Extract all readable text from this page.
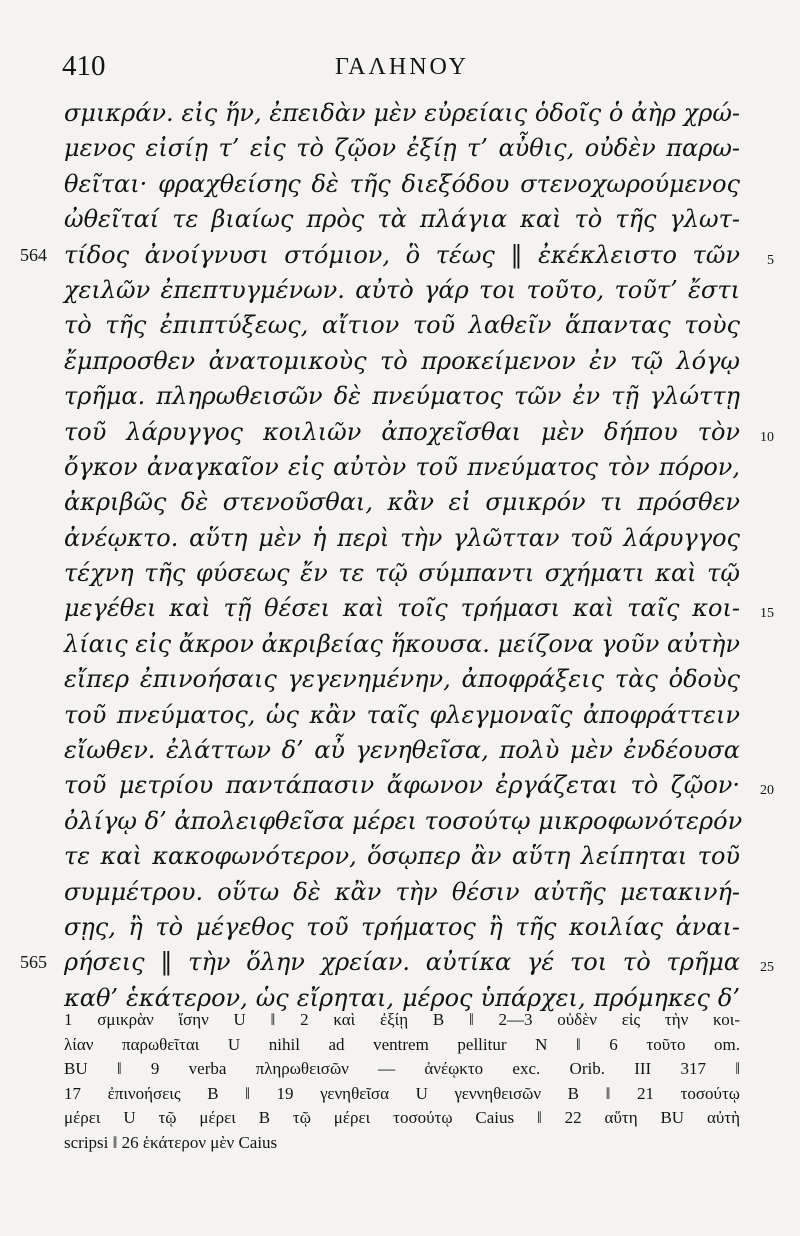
410	ΓΑΛΗΝΟΥ
σμικράν. εἰς ἥν, ἐπειδὰν μὲν εὐρείαις ὁδοῖς ὁ ἀὴρ χρώ-
μενος εἰσίῃ τ’ εἰς τὸ ζῷον ἐξίῃ τ’ αὖθις, οὐδὲν παρω-
θεῖται· φραχθείσης δὲ τῆς διεξόδου στενοχωρούμενος
ὠθεῖταί τε βιαίως πρὸς τὰ πλάγια καὶ τὸ τῆς γλωτ-
564 τίδος ἀνοίγνυσι στόμιον, ὃ τέως ‖ ἐκέκλειστο τῶν 5
χειλῶν ἐπεπτυγμένων. αὐτὸ γάρ τοι τοῦτο, τοῦτ’ ἔστι
τὸ τῆς ἐπιπτύξεως, αἴτιον τοῦ λαθεῖν ἅπαντας τοὺς
ἔμπροσθεν ἀνατομικοὺς τὸ προκείμενον ἐν τῷ λόγῳ
τρῆμα. πληρωθεισῶν δὲ πνεύματος τῶν ἐν τῇ γλώττῃ
τοῦ λάρυγγος κοιλιῶν ἀποχεῖσθαι μὲν δήπου τὸν 10
ὄγκον ἀναγκαῖον εἰς αὐτὸν τοῦ πνεύματος τὸν πόρον,
ἀκριβῶς δὲ στενοῦσθαι, κἂν εἰ σμικρόν τι πρόσθεν
ἀνέῳκτο. αὕτη μὲν ἡ περὶ τὴν γλῶτταν τοῦ λάρυγγος
τέχνη τῆς φύσεως ἔν τε τῷ σύμπαντι σχήματι καὶ τῷ
μεγέθει καὶ τῇ θέσει καὶ τοῖς τρήμασι καὶ ταῖς κοι- 15
λίαις εἰς ἄκρον ἀκριβείας ἥκουσα. μείζονα γοῦν αὐτὴν
εἴπερ ἐπινοήσαις γεγενημένην, ἀποφράξεις τὰς ὁδοὺς
τοῦ πνεύματος, ὡς κἂν ταῖς φλεγμοναῖς ἀποφράττειν
εἴωθεν. ἐλάττων δ’ αὖ γενηθεῖσα, πολὺ μὲν ἐνδέουσα
τοῦ μετρίου παντάπασιν ἄφωνον ἐργάζεται τὸ ζῷον· 20
ὀλίγῳ δ’ ἀπολειφθεῖσα μέρει τοσούτῳ μικροφωνότερόν
τε καὶ κακοφωνότερον, ὅσῳπερ ἂν αὕτη λείπηται τοῦ
συμμέτρου. οὕτω δὲ κἂν τὴν θέσιν αὐτῆς μετακινή-
σῃς, ἢ τὸ μέγεθος τοῦ τρήματος ἢ τῆς κοιλίας ἀναι-
565 ρήσεις ‖ τὴν ὅλην χρείαν. αὐτίκα γέ τοι τὸ τρῆμα 25
καθ’ ἑκάτερον, ὡς εἴρηται, μέρος ὑπάρχει, πρόμηκες δ’
1 σμικρὰν ἴσην U ‖ 2 καὶ ἐξίῃ B ‖ 2—3 οὐδὲν εἰς τὴν κοι-
λίαν παρωθεῖται U nihil ad ventrem pellitur N ‖ 6 τοῦτο om.
BU ‖ 9 verba πληρωθεισῶν — ἀνέῳκτο exc. Orib. III 317 ‖
17 ἐπινοήσεις B ‖ 19 γενηθεῖσα U γεννηθεισῶν B ‖ 21 τοσούτῳ
μέρει U τῷ μέρει B τῷ μέρει τοσούτῳ Caius ‖ 22 αὕτη BU αὐτὴ
scripsi ‖ 26 ἑκάτερον μὲν Caius
